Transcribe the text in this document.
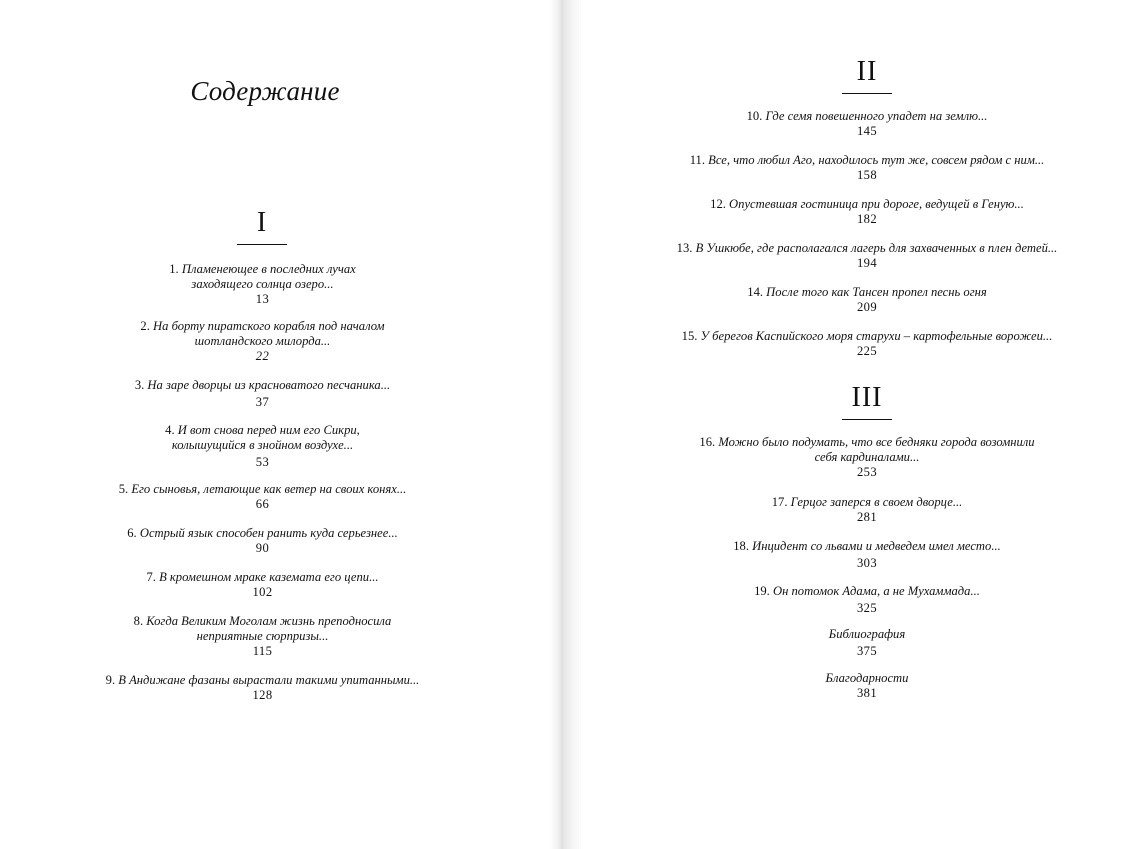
Содержание
I
1. Пламенеющее в последних лучах
заходящего солнца озеро...
13
2. На борту пиратского корабля под началом
шотландского милорда...
22
3. На заре дворцы из красноватого песчаника...
37
4. И вот снова перед ним его Сикри,
колышущийся в знойном воздухе...
53
5. Его сыновья, летающие как ветер на своих конях...
66
6. Острый язык способен ранить куда серьезнее...
90
7. В кромешном мраке каземата его цепи...
102
8. Когда Великим Моголам жизнь преподносила
неприятные сюрпризы...
115
9. В Андижане фазаны вырастали такими упитанными...
128
II
10. Где семя повешенного упадет на землю...
145
11. Все, что любил Аго, находилось тут же, совсем рядом с ним...
158
12. Опустевшая гостиница при дороге, ведущей в Геную...
182
13. В Ушкюбе, где располагался лагерь для захваченных в плен детей...
194
14. После того как Тансен пропел песнь огня
209
15. У берегов Каспийского моря старухи – картофельные ворожеи...
225
III
16. Можно было подумать, что все бедняки города возомнили
себя кардиналами...
253
17. Герцог заперся в своем дворце...
281
18. Инцидент со львами и медведем имел место...
303
19. Он потомок Адама, а не Мухаммада...
325
Библиография
375
Благодарности
381
